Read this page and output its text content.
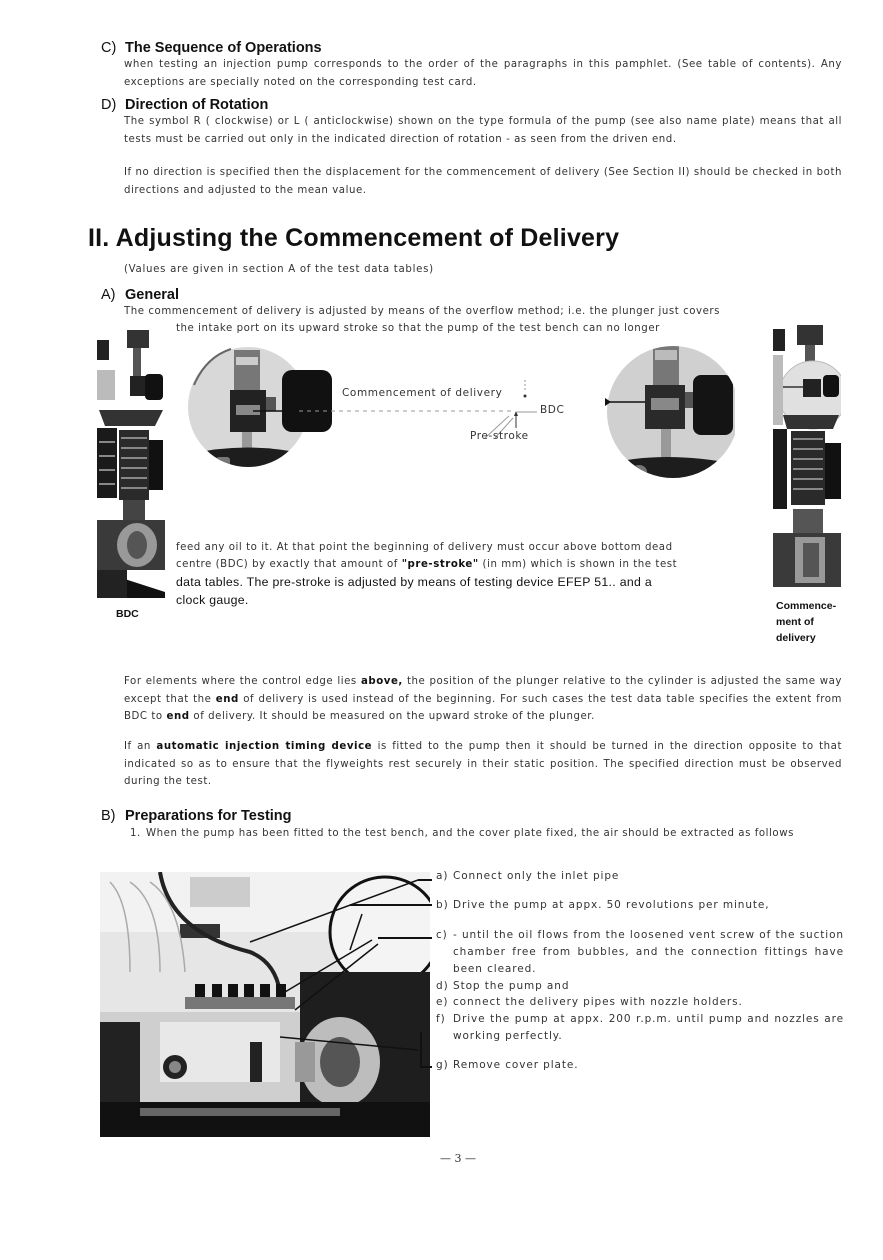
C) The Sequence of Operations
when testing an injection pump corresponds to the order of the paragraphs in this pamphlet. (See table of contents). Any exceptions are specially noted on the corresponding test card.
D) Direction of Rotation
The symbol R ( clockwise) or L ( anticlockwise) shown on the type formula of the pump (see also name plate) means that all tests must be carried out only in the indicated direction of rotation - as seen from the driven end.
If no direction is specified then the displacement for the commencement of delivery (See Section II) should be checked in both directions and adjusted to the mean value.
II. Adjusting the Commencement of Delivery
(Values are given in section A of the test data tables)
A) General
The commencement of delivery is adjusted by means of the overflow method; i.e. the plunger just covers
the intake port on its upward stroke so that the pump of the test bench can no longer
BDC
Commencement of delivery
BDC
Pre-stroke
Commence-
ment of
delivery
feed any oil to it. At that point the beginning of delivery must occur above bottom dead
centre (BDC) by exactly that amount of "pre-stroke" (in mm) which is shown in the test
data tables. The pre-stroke is adjusted by means of testing device EFEP 51.. and a
clock gauge.
For elements where the control edge lies above, the position of the plunger relative to the cylinder is adjusted the same way except that the end of delivery is used instead of the beginning. For such cases the test data table specifies the extent from BDC to end of delivery. It should be measured on the upward stroke of the plunger.
If an automatic injection timing device is fitted to the pump then it should be turned in the direction opposite to that indicated so as to ensure that the flyweights rest securely in their static position. The specified direction must be observed during the test.
B) Preparations for Testing
1. When the pump has been fitted to the test bench, and the cover plate fixed, the air should be extracted as follows
a) Connect only the inlet pipe
b) Drive the pump at appx. 50 revolutions per minute,
c) - until the oil flows from the loosened vent screw of the suction chamber free from bubbles, and the connection fittings have been cleared.
d) Stop the pump and
e) connect the delivery pipes with nozzle holders.
f) Drive the pump at appx. 200 r.p.m. until pump and nozzles are working perfectly.
g) Remove cover plate.
— 3 —
